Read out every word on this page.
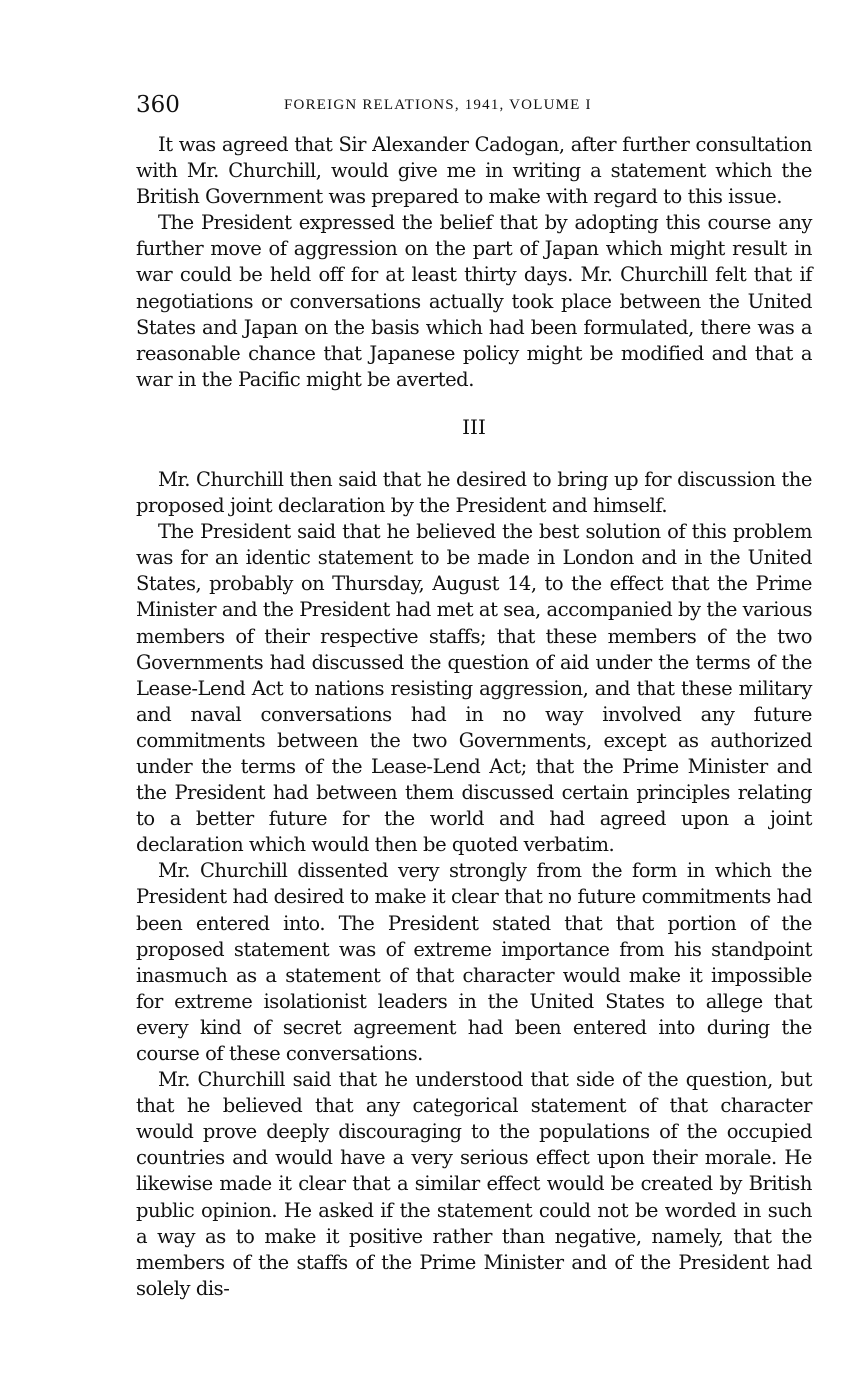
360	FOREIGN RELATIONS, 1941, VOLUME I

It was agreed that Sir Alexander Cadogan, after further consultation with Mr. Churchill, would give me in writing a statement which the British Government was prepared to make with regard to this issue.

The President expressed the belief that by adopting this course any further move of aggression on the part of Japan which might result in war could be held off for at least thirty days. Mr. Churchill felt that if negotiations or conversations actually took place between the United States and Japan on the basis which had been formulated, there was a reasonable chance that Japanese policy might be modified and that a war in the Pacific might be averted.

III

Mr. Churchill then said that he desired to bring up for discussion the proposed joint declaration by the President and himself.

The President said that he believed the best solution of this problem was for an identic statement to be made in London and in the United States, probably on Thursday, August 14, to the effect that the Prime Minister and the President had met at sea, accompanied by the various members of their respective staffs; that these members of the two Governments had discussed the question of aid under the terms of the Lease-Lend Act to nations resisting aggression, and that these military and naval conversations had in no way involved any future commitments between the two Governments, except as authorized under the terms of the Lease-Lend Act; that the Prime Minister and the President had between them discussed certain principles relating to a better future for the world and had agreed upon a joint declaration which would then be quoted verbatim.

Mr. Churchill dissented very strongly from the form in which the President had desired to make it clear that no future commitments had been entered into. The President stated that that portion of the proposed statement was of extreme importance from his standpoint inasmuch as a statement of that character would make it impossible for extreme isolationist leaders in the United States to allege that every kind of secret agreement had been entered into during the course of these conversations.

Mr. Churchill said that he understood that side of the question, but that he believed that any categorical statement of that character would prove deeply discouraging to the populations of the occupied countries and would have a very serious effect upon their morale. He likewise made it clear that a similar effect would be created by British public opinion. He asked if the statement could not be worded in such a way as to make it positive rather than negative, namely, that the members of the staffs of the Prime Minister and of the President had solely dis-
